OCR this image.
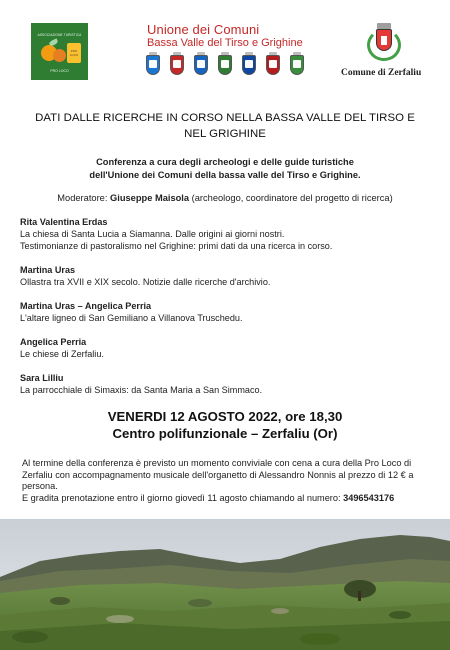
ASSOCIAZIONE TURISTICA
PRO LOCO
PRO LOCO
Unione dei Comuni
Bassa Valle del Tirso e Grighine
Comune di Zerfaliu
DATI DALLE RICERCHE IN CORSO NELLA BASSA VALLE DEL TIRSO E
NEL GRIGHINE
Conferenza a cura degli archeologi e delle guide turistiche
dell'Unione dei Comuni della bassa valle del Tirso e Grighine.
Moderatore: Giuseppe Maisola (archeologo, coordinatore del progetto di ricerca)
Rita Valentina Erdas
La chiesa di Santa Lucia a Siamanna. Dalle origini ai giorni nostri.
Testimonianze di pastoralismo nel Grighine: primi dati da una ricerca in corso.
Martina Uras
Ollastra tra XVII e XIX secolo. Notizie dalle ricerche d'archivio.
Martina Uras – Angelica Perria
L'altare ligneo di San Gemiliano a Villanova Truschedu.
Angelica Perria
Le chiese di Zerfaliu.
Sara Lilliu
La parrocchiale di Simaxis: da Santa Maria a San Simmaco.
VENERDI 12 AGOSTO 2022, ore 18,30
Centro polifunzionale – Zerfaliu (Or)
Al termine della conferenza è previsto un momento conviviale con cena a cura della Pro Loco di
Zerfaliu con accompagnamento musicale dell'organetto di Alessandro Nonnis al prezzo di 12 € a
persona.
E gradita prenotazione entro il giorno giovedì 11 agosto chiamando al numero: 3496543176
